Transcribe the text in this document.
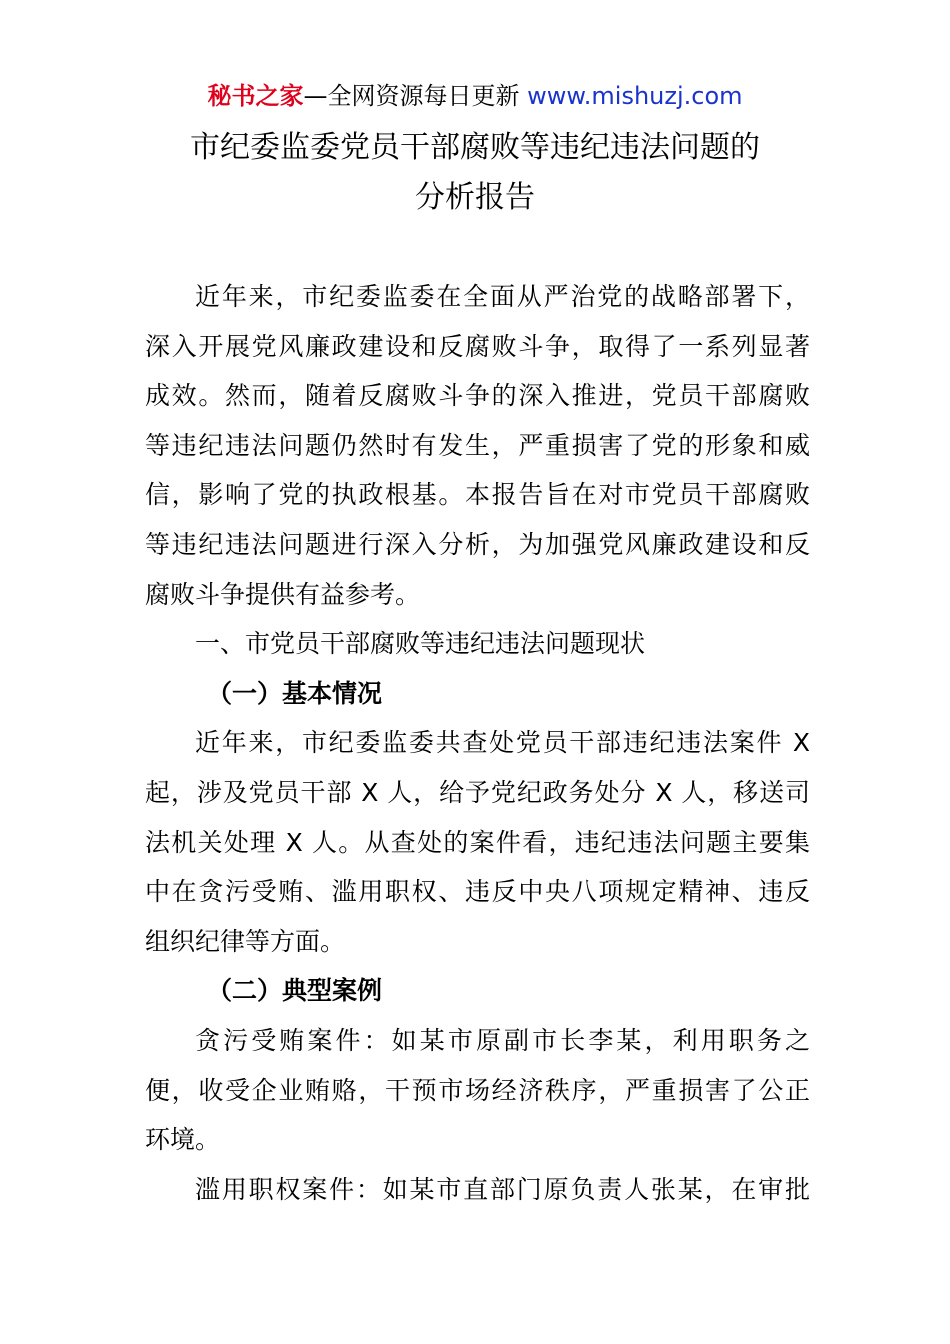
秘书之家—全网资源每日更新 www.mishuzj.com
市纪委监委党员干部腐败等违纪违法问题的
分析报告
近年来，市纪委监委在全面从严治党的战略部署下，
深入开展党风廉政建设和反腐败斗争，取得了一系列显著
成效。然而，随着反腐败斗争的深入推进，党员干部腐败
等违纪违法问题仍然时有发生，严重损害了党的形象和威
信，影响了党的执政根基。本报告旨在对市党员干部腐败
等违纪违法问题进行深入分析，为加强党风廉政建设和反
腐败斗争提供有益参考。
一、市党员干部腐败等违纪违法问题现状
（一）基本情况
近年来，市纪委监委共查处党员干部违纪违法案件 X
起，涉及党员干部 X 人，给予党纪政务处分 X 人，移送司
法机关处理 X 人。从查处的案件看，违纪违法问题主要集
中在贪污受贿、滥用职权、违反中央八项规定精神、违反
组织纪律等方面。
（二）典型案例
贪污受贿案件：如某市原副市长李某，利用职务之
便，收受企业贿赂，干预市场经济秩序，严重损害了公正
环境。
滥用职权案件：如某市直部门原负责人张某，在审批
